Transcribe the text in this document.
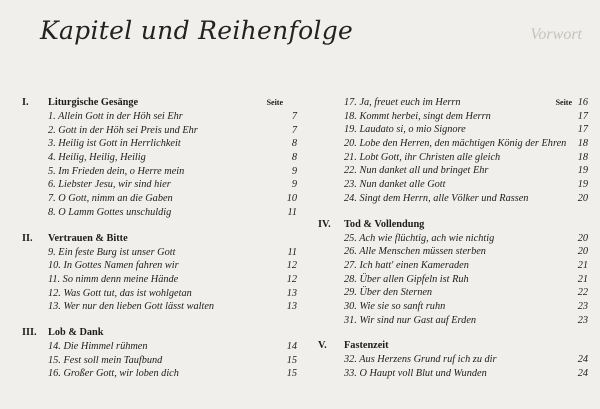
Vorwort
Kapitel und Reihenfolge
I. Liturgische Gesänge	Seite
1. Allein Gott in der Höh sei Ehr	7
2. Gott in der Höh sei Preis und Ehr	7
3. Heilig ist Gott in Herrlichkeit	8
4. Heilig, Heilig, Heilig	8
5. Im Frieden dein, o Herre mein	9
6. Liebster Jesu, wir sind hier	9
7. O Gott, nimm an die Gaben	10
8. O Lamm Gottes unschuldig	11
II. Vertrauen & Bitte
9. Ein feste Burg ist unser Gott	11
10. In Gottes Namen fahren wir	12
11. So nimm denn meine Hände	12
12. Was Gott tut, das ist wohlgetan	13
13. Wer nur den lieben Gott lässt walten	13
III. Lob & Dank
14. Die Himmel rühmen	14
15. Fest soll mein Taufbund	15
16. Großer Gott, wir loben dich	15
17. Ja, freuet euch im Herrn	16
Seite
18. Kommt herbei, singt dem Herrn	17
19. Laudato si, o mio Signore	17
20. Lobe den Herren, den mächtigen König der Ehren 18
21. Lobt Gott, ihr Christen alle gleich	18
22. Nun danket all und bringet Ehr	19
23. Nun danket alle Gott	19
24. Singt dem Herrn, alle Völker und Rassen	20
IV. Tod & Vollendung
25. Ach wie flüchtig, ach wie nichtig	20
26. Alle Menschen müssen sterben	20
27. Ich hatt' einen Kameraden	21
28. Über allen Gipfeln ist Ruh	21
29. Über den Sternen	22
30. Wie sie so sanft ruhn	23
31. Wir sind nur Gast auf Erden	23
V. Fastenzeit
32. Aus Herzens Grund ruf ich zu dir	24
33. O Haupt voll Blut und Wunden	24
